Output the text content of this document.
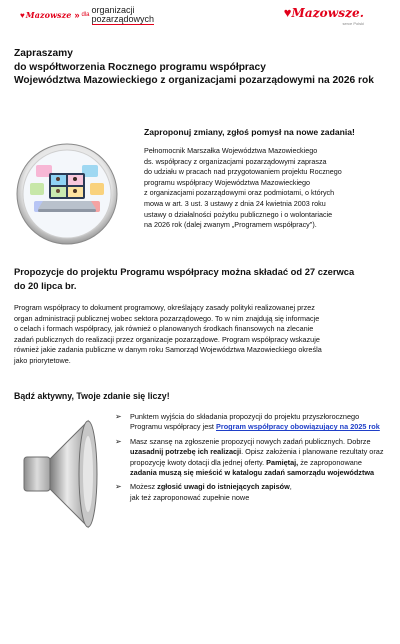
♥ Mazowsze » dla organizacji
pozarządowych	♥Mazowsze.
serce Polski
Zapraszamy
do współtworzenia Rocznego programu współpracy
Województwa Mazowieckiego z organizacjami pozarządowymi na 2026 rok
Zaproponuj zmiany, zgłoś pomysł na nowe zadania!
Pełnomocnik Marszałka Województwa Mazowieckiego
ds. współpracy z organizacjami pozarządowymi zaprasza
do udziału w pracach nad przygotowaniem projektu Rocznego
programu współpracy Województwa Mazowieckiego
z organizacjami pozarządowymi oraz podmiotami, o których
mowa w art. 3 ust. 3 ustawy z dnia 24 kwietnia 2003 roku
ustawy o działalności pożytku publicznego i o wolontariacie
na 2026 rok (dalej zwanym „Programem współpracy").
Propozycje do projektu Programu współpracy można składać od 27 czerwca
do 20 lipca br.
Program współpracy to dokument programowy, określający zasady polityki realizowanej przez
organ administracji publicznej wobec sektora pozarządowego. To w nim znajdują się informacje
o celach i formach współpracy, jak również o planowanych środkach finansowych na zlecanie
zadań publicznych do realizacji przez organizacje pozarządowe. Program współpracy wskazuje
również jakie zadania publiczne w danym roku Samorząd Województwa Mazowieckiego określa
jako priorytetowe.
Bądź aktywny, Twoje zdanie się liczy!
➢ Punktem wyjścia do składania propozycji do projektu przyszłorocznego Programu współpracy jest Program współpracy obowiązujący na 2025 rok
➢ Masz szansę na zgłoszenie propozycji nowych zadań publicznych. Dobrze uzasadnij potrzebę ich realizacji. Opisz założenia i planowane rezultaty oraz propozycję kwoty dotacji dla jednej oferty. Pamiętaj, że zaproponowane zadania muszą się mieścić w katalogu zadań samorządu województwa
➢ Możesz zgłosić uwagi do istniejących zapisów,
jak też zaproponować zupełnie nowe
